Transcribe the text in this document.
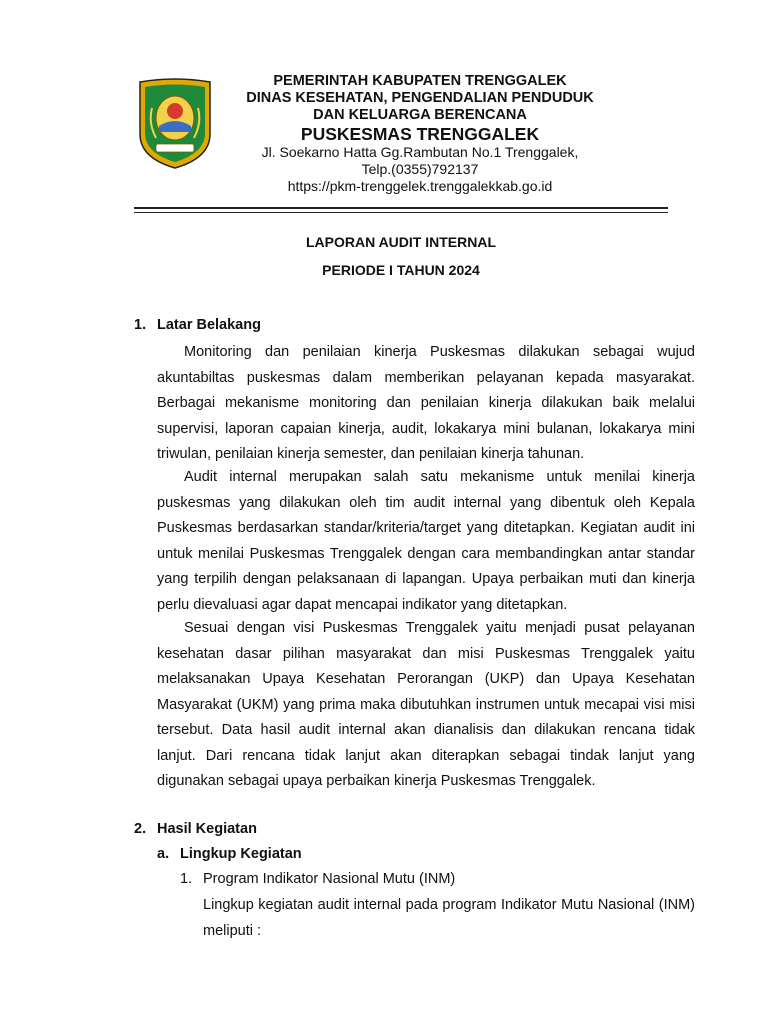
PEMERINTAH KABUPATEN TRENGGALEK
DINAS KESEHATAN, PENGENDALIAN PENDUDUK
DAN KELUARGA BERENCANA
PUSKESMAS TRENGGALEK
Jl. Soekarno Hatta Gg.Rambutan No.1 Trenggalek,
Telp.(0355)792137
https://pkm-trenggelek.trenggalekkab.go.id
LAPORAN AUDIT INTERNAL
PERIODE I TAHUN 2024
1. Latar Belakang

Monitoring dan penilaian kinerja Puskesmas dilakukan sebagai wujud akuntabiltas puskesmas dalam memberikan pelayanan kepada masyarakat. Berbagai mekanisme monitoring dan penilaian kinerja dilakukan baik melalui supervisi, laporan capaian kinerja, audit, lokakarya mini bulanan, lokakarya mini triwulan, penilaian kinerja semester, dan penilaian kinerja tahunan.

Audit internal merupakan salah satu mekanisme untuk menilai kinerja puskesmas yang dilakukan oleh tim audit internal yang dibentuk oleh Kepala Puskesmas berdasarkan standar/kriteria/target yang ditetapkan. Kegiatan audit ini untuk menilai Puskesmas Trenggalek dengan cara membandingkan antar standar yang terpilih dengan pelaksanaan di lapangan. Upaya perbaikan muti dan kinerja perlu dievaluasi agar dapat mencapai indikator yang ditetapkan.

Sesuai dengan visi Puskesmas Trenggalek yaitu menjadi pusat pelayanan kesehatan dasar pilihan masyarakat dan misi Puskesmas Trenggalek yaitu melaksanakan Upaya Kesehatan Perorangan (UKP) dan Upaya Kesehatan Masyarakat (UKM) yang prima maka dibutuhkan instrumen untuk mecapai visi misi tersebut. Data hasil audit internal akan dianalisis dan dilakukan rencana tidak lanjut. Dari rencana tidak lanjut akan diterapkan sebagai tindak lanjut yang digunakan sebagai upaya perbaikan kinerja Puskesmas Trenggalek.

2. Hasil Kegiatan
a. Lingkup Kegiatan
1. Program Indikator Nasional Mutu (INM)

Lingkup kegiatan audit internal pada program Indikator Mutu Nasional (INM) meliputi :
